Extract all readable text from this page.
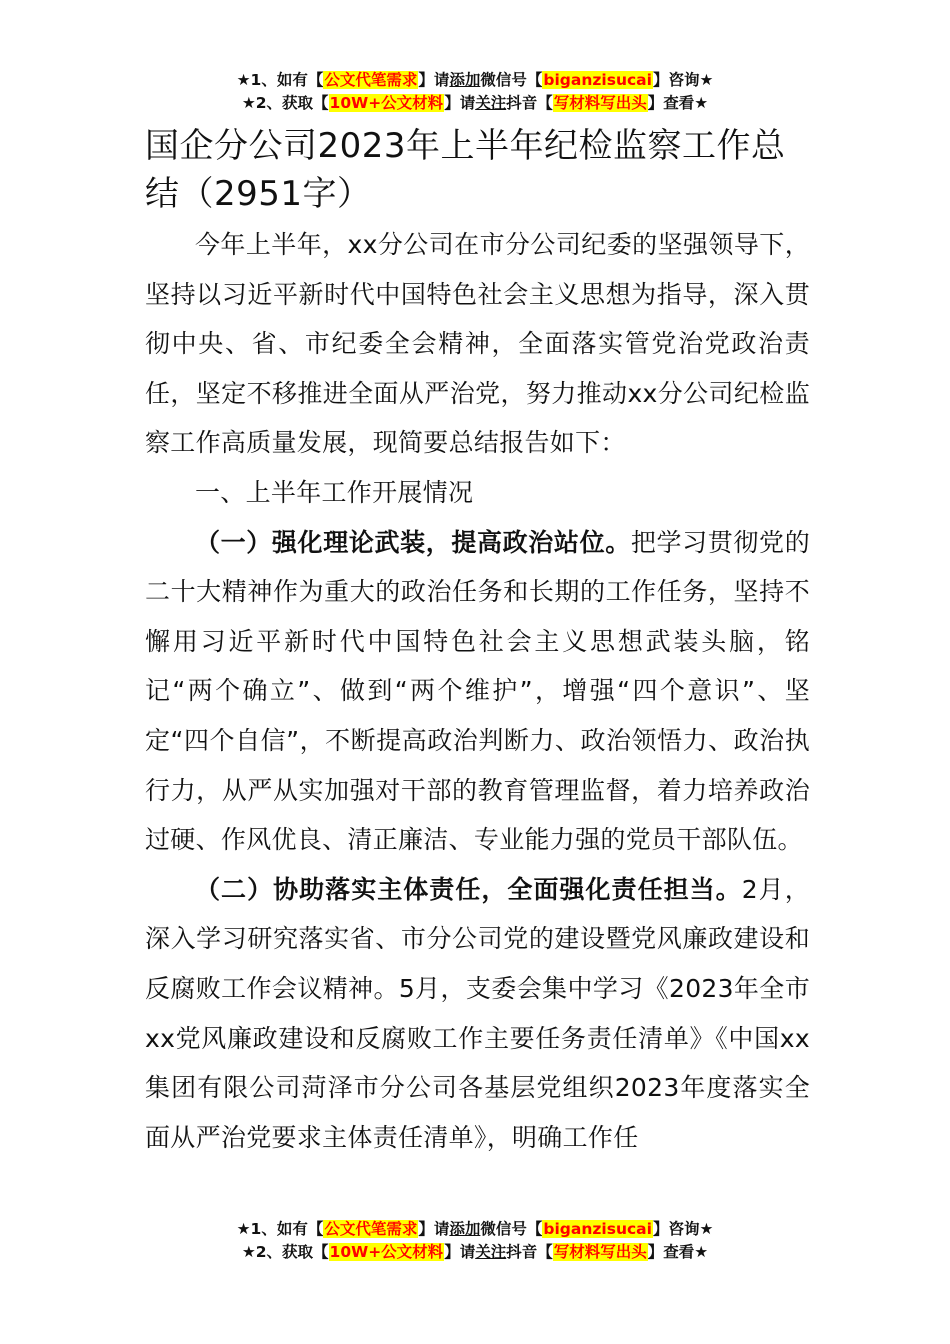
★1、如有【公文代笔需求】请添加微信号【biganzisucai】咨询★
★2、获取【10W+公文材料】请关注抖音【写材料写出头】查看★
国企分公司2023年上半年纪检监察工作总结（2951字）

今年上半年，xx分公司在市分公司纪委的坚强领导下，坚持以习近平新时代中国特色社会主义思想为指导，深入贯彻中央、省、市纪委全会精神，全面落实管党治党政治责任，坚定不移推进全面从严治党，努力推动xx分公司纪检监察工作高质量发展，现简要总结报告如下：

一、上半年工作开展情况

（一）强化理论武装，提高政治站位。把学习贯彻党的二十大精神作为重大的政治任务和长期的工作任务，坚持不懈用习近平新时代中国特色社会主义思想武装头脑，铭记“两个确立”、做到“两个维护”，增强“四个意识”、坚定“四个自信”，不断提高政治判断力、政治领悟力、政治执行力，从严从实加强对干部的教育管理监督，着力培养政治过硬、作风优良、清正廉洁、专业能力强的党员干部队伍。

（二）协助落实主体责任，全面强化责任担当。2月，深入学习研究落实省、市分公司党的建设暨党风廉政建设和反腐败工作会议精神。5月，支委会集中学习《2023年全市xx党风廉政建设和反腐败工作主要任务责任清单》《中国xx集团有限公司菏泽市分公司各基层党组织2023年度落实全面从严治党要求主体责任清单》，明确工作任

★1、如有【公文代笔需求】请添加微信号【biganzisucai】咨询★
★2、获取【10W+公文材料】请关注抖音【写材料写出头】查看★
